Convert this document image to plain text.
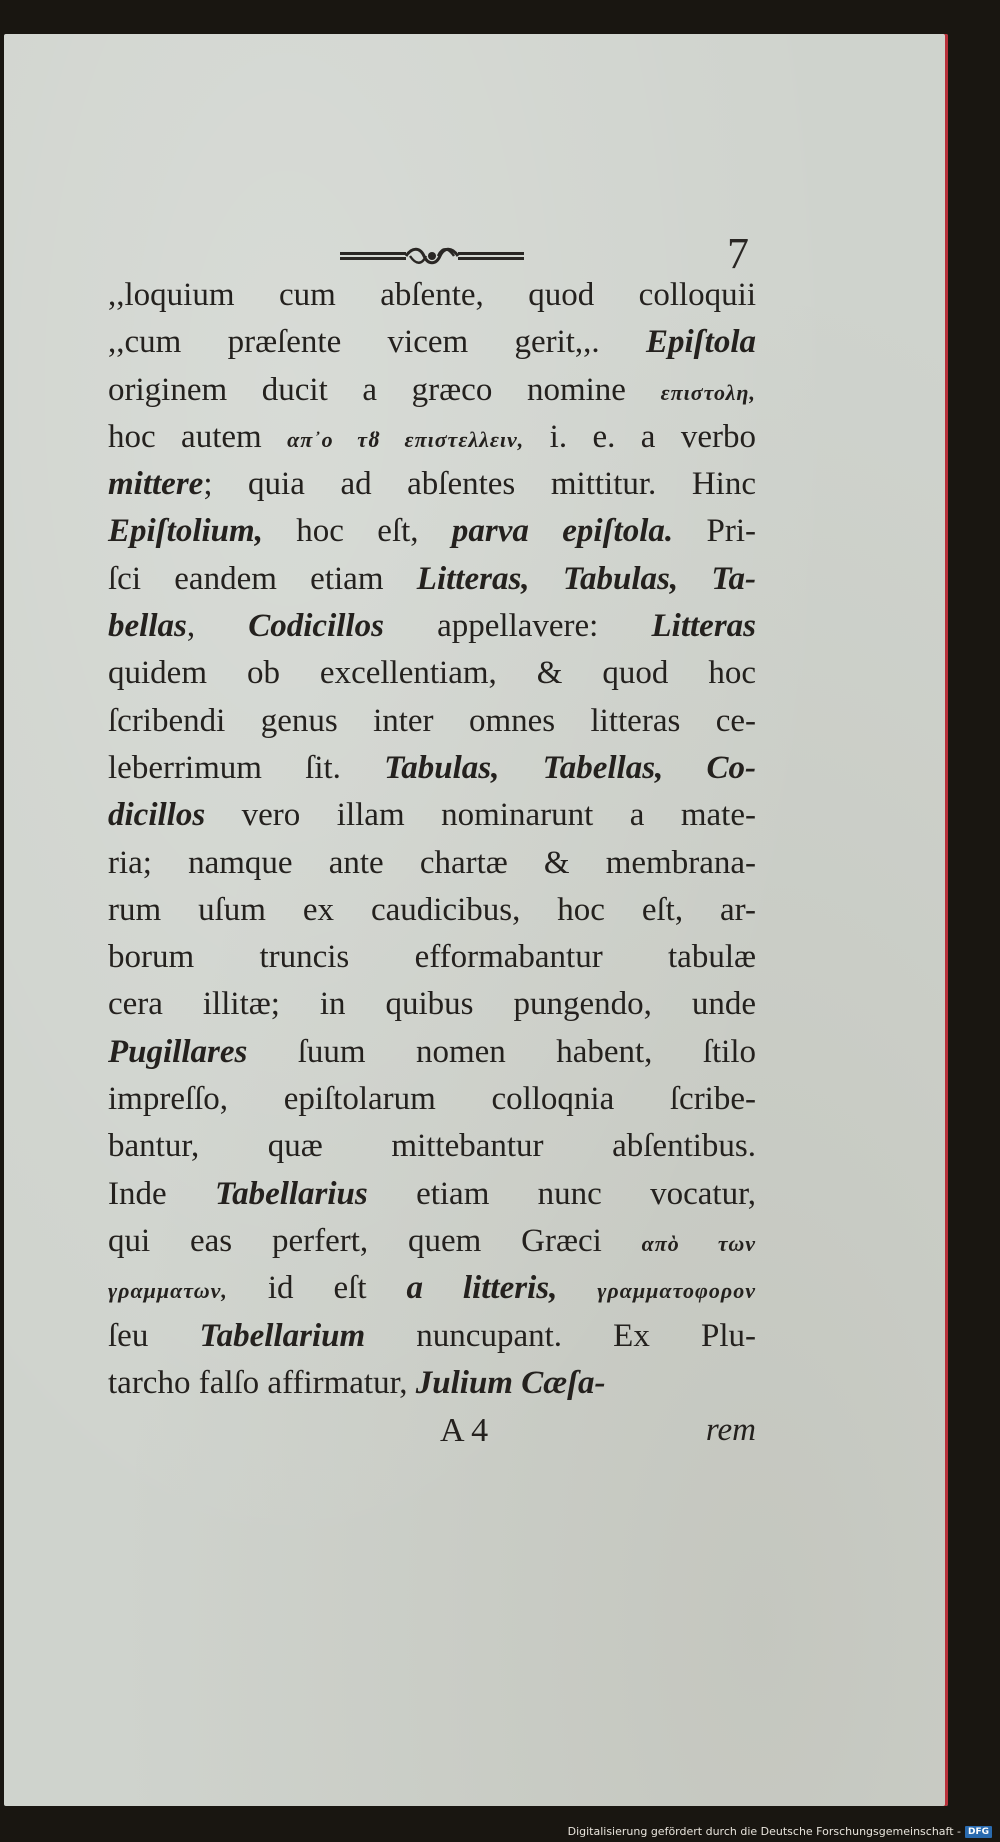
7
,,loquium cum abſente, quod colloquii
,,cum præſente vicem gerit,,. Epiſtola
originem ducit a græco nomine επιστολη,
hoc autem απ᾽ο τȣ επιστελλειν, i. e. a verbo
mittere; quia ad abſentes mittitur. Hinc
Epiſtolium, hoc eſt, parva epiſtola. Pri-
ſci eandem etiam Litteras, Tabulas, Ta-
bellas, Codicillos appellavere: Litteras
quidem ob excellentiam, & quod hoc
ſcribendi genus inter omnes litteras ce-
leberrimum ſit. Tabulas, Tabellas, Co-
dicillos vero illam nominarunt a mate-
ria; namque ante chartæ & membrana-
rum uſum ex caudicibus, hoc eſt, ar-
borum truncis efformabantur tabulæ
cera illitæ; in quibus pungendo, unde
Pugillares ſuum nomen habent, ſtilo
impreſſo, epiſtolarum colloqnia ſcribe-
bantur, quæ mittebantur abſentibus.
Inde Tabellarius etiam nunc vocatur,
qui eas perfert, quem Græci απὸ των
γραμματων, id eſt a litteris, γραμματοφορον
ſeu Tabellarium nuncupant. Ex Plu-
tarcho falſo affirmatur, Julium Cæſa-
A 4	rem
Digitalisierung gefördert durch die Deutsche Forschungsgemeinschaft - DFG
